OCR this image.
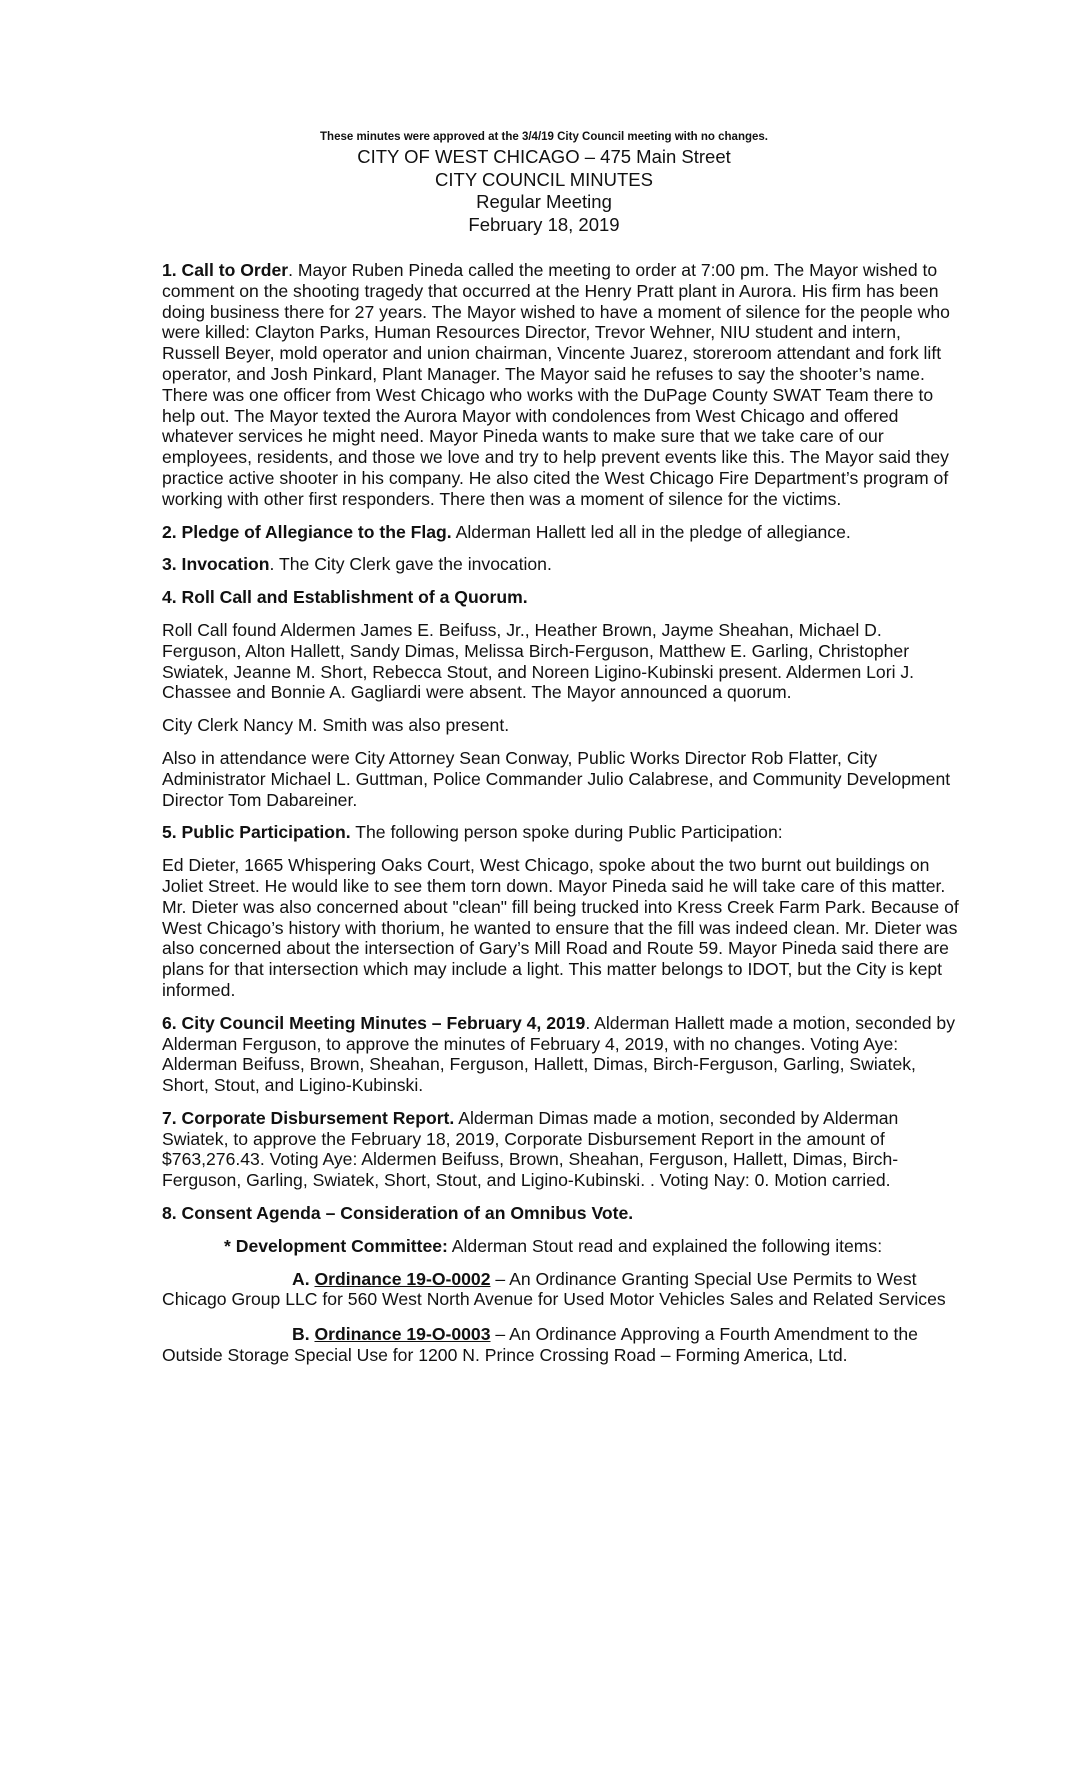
These minutes were approved at the 3/4/19 City Council meeting with no changes.
CITY OF WEST CHICAGO – 475 Main Street
CITY COUNCIL MINUTES
Regular Meeting
February 18, 2019

1. Call to Order. Mayor Ruben Pineda called the meeting to order at 7:00 pm. The Mayor wished to comment on the shooting tragedy that occurred at the Henry Pratt plant in Aurora. His firm has been doing business there for 27 years. The Mayor wished to have a moment of silence for the people who were killed: Clayton Parks, Human Resources Director, Trevor Wehner, NIU student and intern, Russell Beyer, mold operator and union chairman, Vincente Juarez, storeroom attendant and fork lift operator, and Josh Pinkard, Plant Manager. The Mayor said he refuses to say the shooter’s name. There was one officer from West Chicago who works with the DuPage County SWAT Team there to help out. The Mayor texted the Aurora Mayor with condolences from West Chicago and offered whatever services he might need. Mayor Pineda wants to make sure that we take care of our employees, residents, and those we love and try to help prevent events like this. The Mayor said they practice active shooter in his company. He also cited the West Chicago Fire Department’s program of working with other first responders. There then was a moment of silence for the victims.

2. Pledge of Allegiance to the Flag. Alderman Hallett led all in the pledge of allegiance.

3. Invocation. The City Clerk gave the invocation.

4. Roll Call and Establishment of a Quorum.

Roll Call found Aldermen James E. Beifuss, Jr., Heather Brown, Jayme Sheahan, Michael D. Ferguson, Alton Hallett, Sandy Dimas, Melissa Birch-Ferguson, Matthew E. Garling, Christopher Swiatek, Jeanne M. Short, Rebecca Stout, and Noreen Ligino-Kubinski present. Aldermen Lori J. Chassee and Bonnie A. Gagliardi were absent. The Mayor announced a quorum.

City Clerk Nancy M. Smith was also present.

Also in attendance were City Attorney Sean Conway, Public Works Director Rob Flatter, City Administrator Michael L. Guttman, Police Commander Julio Calabrese, and Community Development Director Tom Dabareiner.

5. Public Participation. The following person spoke during Public Participation:

Ed Dieter, 1665 Whispering Oaks Court, West Chicago, spoke about the two burnt out buildings on Joliet Street. He would like to see them torn down. Mayor Pineda said he will take care of this matter. Mr. Dieter was also concerned about "clean" fill being trucked into Kress Creek Farm Park. Because of West Chicago’s history with thorium, he wanted to ensure that the fill was indeed clean. Mr. Dieter was also concerned about the intersection of Gary’s Mill Road and Route 59. Mayor Pineda said there are plans for that intersection which may include a light. This matter belongs to IDOT, but the City is kept informed.

6. City Council Meeting Minutes – February 4, 2019. Alderman Hallett made a motion, seconded by Alderman Ferguson, to approve the minutes of February 4, 2019, with no changes. Voting Aye: Alderman Beifuss, Brown, Sheahan, Ferguson, Hallett, Dimas, Birch-Ferguson, Garling, Swiatek, Short, Stout, and Ligino-Kubinski.

7. Corporate Disbursement Report. Alderman Dimas made a motion, seconded by Alderman Swiatek, to approve the February 18, 2019, Corporate Disbursement Report in the amount of $763,276.43. Voting Aye: Aldermen Beifuss, Brown, Sheahan, Ferguson, Hallett, Dimas, Birch-Ferguson, Garling, Swiatek, Short, Stout, and Ligino-Kubinski. . Voting Nay: 0. Motion carried.

8. Consent Agenda – Consideration of an Omnibus Vote.

* Development Committee: Alderman Stout read and explained the following items:
A. Ordinance 19-O-0002 – An Ordinance Granting Special Use Permits to West Chicago Group LLC for 560 West North Avenue for Used Motor Vehicles Sales and Related Services
B. Ordinance 19-O-0003 – An Ordinance Approving a Fourth Amendment to the Outside Storage Special Use for 1200 N. Prince Crossing Road – Forming America, Ltd.
